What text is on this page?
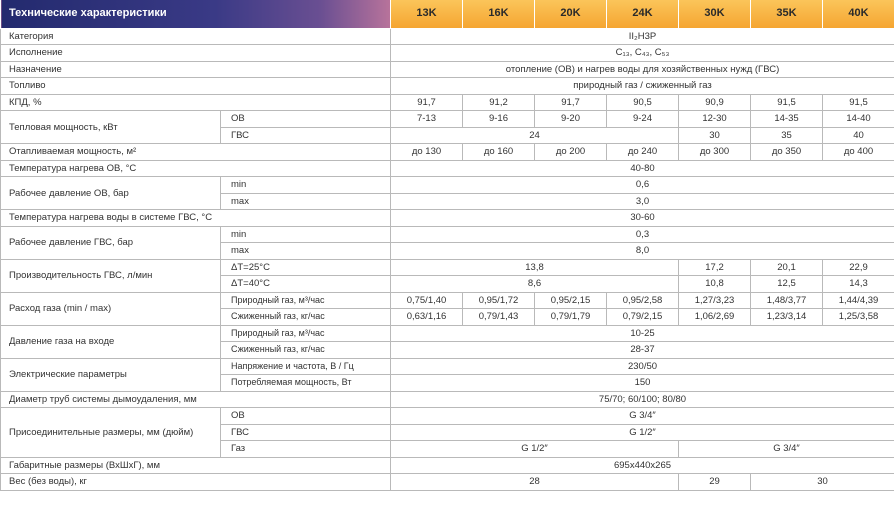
Технические характеристики		13K	16K	20K	24K	30K	35K	40K
Категория		II₂H3P						
Исполнение		C₁₃, C₄₃, C₅₃						
Назначение		отопление (ОВ) и нагрев воды для хозяйственных нужд (ГВС)						
Топливо		природный газ / сжиженный газ						
КПД, %		91,7	91,2	91,7	90,5	90,9	91,5	91,5
Тепловая мощность, кВт	ОВ	7-13	9-16	9-20	9-24	12-30	14-35	14-40
	ГВС	24				30	35	40
Отапливаемая мощность, м²		до 130	до 160	до 200	до 240	до 300	до 350	до 400
Температура нагрева ОВ, °С		40-80						
Рабочее давление ОВ, бар	min	0,6						
	max	3,0						
Температура нагрева воды в системе ГВС, °С		30-60						
Рабочее давление ГВС, бар	min	0,3						
	max	8,0						
Производительность ГВС, л/мин	ΔT=25°C	13,8				17,2	20,1	22,9
	ΔT=40°C	8,6				10,8	12,5	14,3
Расход газа (min / max)	Природный газ, м³/час	0,75/1,40	0,95/1,72	0,95/2,15	0,95/2,58	1,27/3,23	1,48/3,77	1,44/4,39
	Сжиженный газ, кг/час	0,63/1,16	0,79/1,43	0,79/1,79	0,79/2,15	1,06/2,69	1,23/3,14	1,25/3,58
Давление газа на входе	Природный газ, м³/час	10-25						
	Сжиженный газ, кг/час	28-37						
Электрические параметры	Напряжение и частота, В / Гц	230/50						
	Потребляемая мощность, Вт	150						
Диаметр труб системы дымоудаления, мм		75/70; 60/100; 80/80						
Присоединительные размеры, мм (дюйм)	ОВ	G 3/4″						
	ГВС	G 1/2″						
	Газ	G 1/2″				G 3/4″		
Габаритные размеры (ВхШхГ), мм		695х440х265						
Вес (без воды), кг		28				29	30	
